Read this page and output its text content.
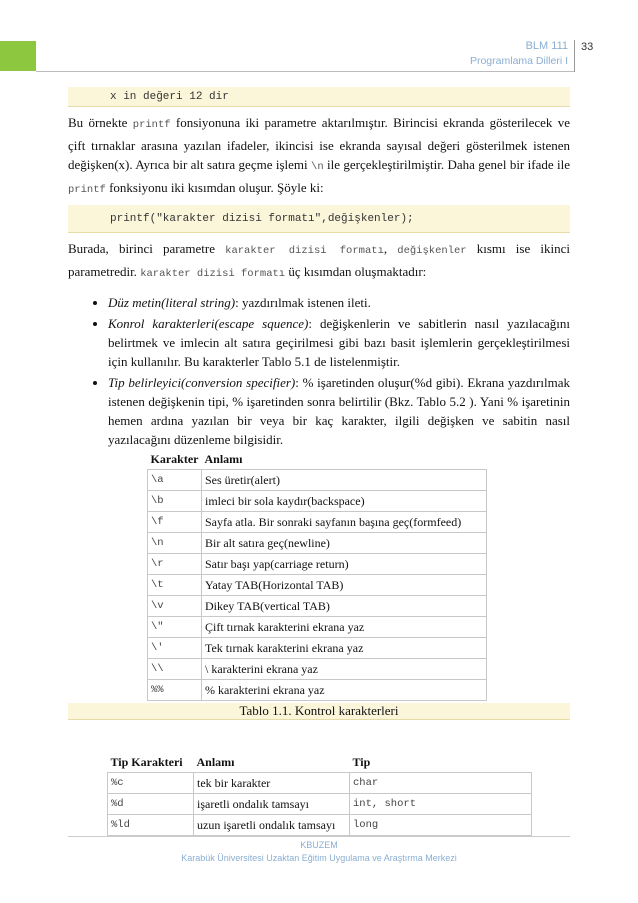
BLM 111
Programlama Dilleri I
33
x in değeri 12 dir
Bu örnekte printf fonsiyonuna iki parametre aktarılmıştır. Birincisi ekranda gösterilecek ve çift tırnaklar arasına yazılan ifadeler, ikincisi ise ekranda sayısal değeri gösterilmek istenen değişken(x). Ayrıca bir alt satıra geçme işlemi \n ile gerçekleştirilmiştir. Daha genel bir ifade ile printf fonksiyonu iki kısımdan oluşur. Şöyle ki:
printf("karakter dizisi formatı",değişkenler);
Burada, birinci parametre karakter dizisi formatı, değişkenler kısmı ise ikinci parametredir. karakter dizisi formatı üç kısımdan oluşmaktadır:
• Düz metin(literal string): yazdırılmak istenen ileti.
• Konrol karakterleri(escape squence): değişkenlerin ve sabitlerin nasıl yazılacağını belirtmek ve imlecin alt satıra geçirilmesi gibi bazı basit işlemlerin gerçekleştirilmesi için kullanılır. Bu karakterler Tablo 5.1 de listelenmiştir.
• Tip belirleyici(conversion specifier): % işaretinden oluşur(%d gibi). Ekrana yazdırılmak istenen değişkenin tipi, % işaretinden sonra belirtilir (Bkz. Tablo 5.2 ). Yani % işaretinin hemen ardına yazılan bir veya bir kaç karakter, ilgili değişken ve sabitin nasıl yazılacağını düzenleme bilgisidir.
Karakter	Anlamı
\a	Ses üretir(alert)
\b	imleci bir sola kaydır(backspace)
\f	Sayfa atla. Bir sonraki sayfanın başına geç(formfeed)
\n	Bir alt satıra geç(newline)
\r	Satır başı yap(carriage return)
\t	Yatay TAB(Horizontal TAB)
\v	Dikey TAB(vertical TAB)
\"	Çift tırnak karakterini ekrana yaz
\'	Tek tırnak karakterini ekrana yaz
\\	\ karakterini ekrana yaz
%%	% karakterini ekrana yaz
Tablo 1.1. Kontrol karakterleri
Tip Karakteri	Anlamı	Tip
%c	tek bir karakter	char
%d	işaretli ondalık tamsayı	int, short
%ld	uzun işaretli ondalık tamsayı	long
KBUZEM
Karabük Üniversitesi Uzaktan Eğitim Uygulama ve Araştırma Merkezi
